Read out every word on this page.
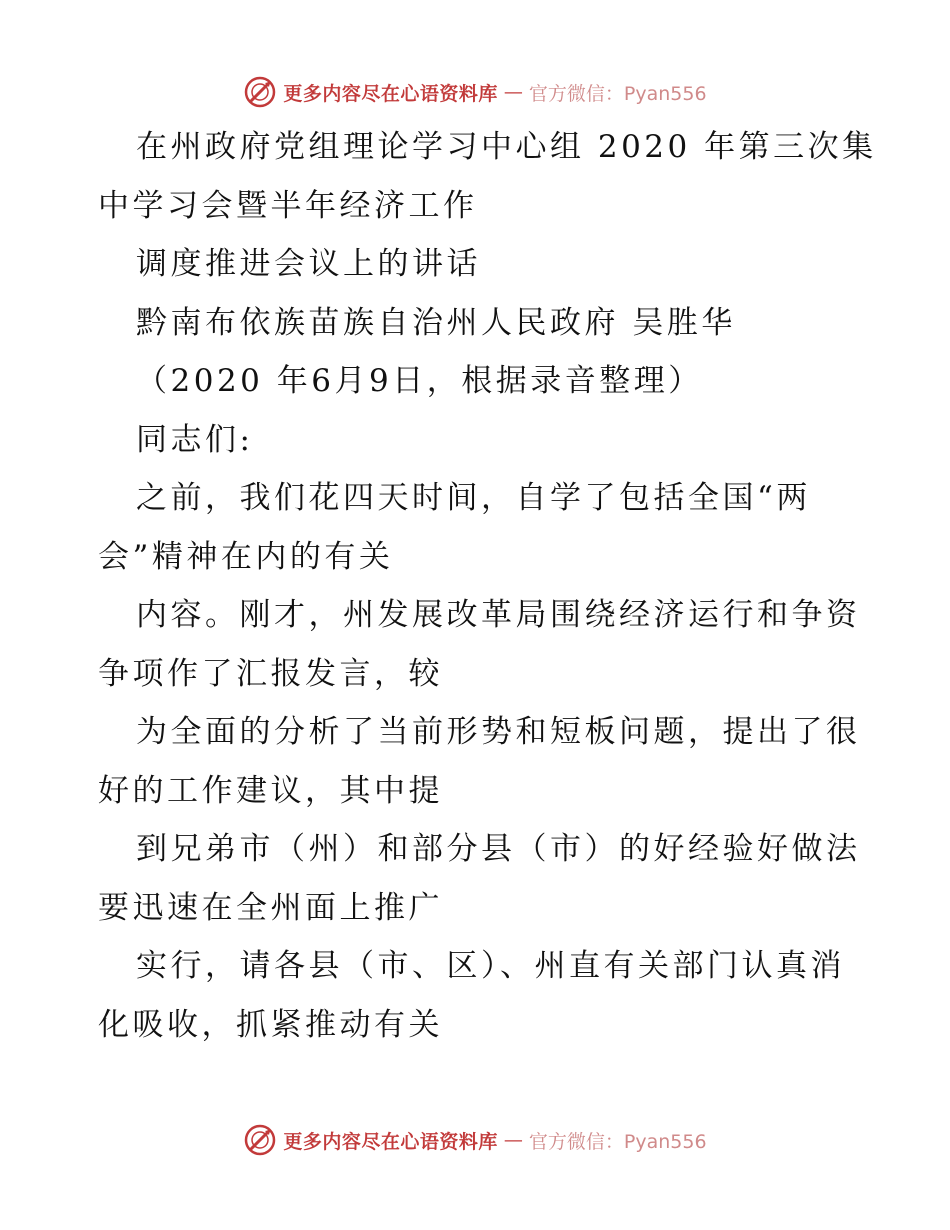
更多内容尽在心语资料库 — 官方微信：Pyan556
在州政府党组理论学习中心组 2020 年第三次集
中学习会暨半年经济工作
调度推进会议上的讲话
黔南布依族苗族自治州人民政府 吴胜华
（2020 年6月9日，根据录音整理）
同志们:
之前，我们花四天时间，自学了包括全国“两
会”精神在内的有关
内容。刚才，州发展改革局围绕经济运行和争资
争项作了汇报发言，较
为全面的分析了当前形势和短板问题，提出了很
好的工作建议，其中提
到兄弟市（州）和部分县（市）的好经验好做法
要迅速在全州面上推广
实行，请各县（市、区）、州直有关部门认真消
化吸收，抓紧推动有关
更多内容尽在心语资料库 — 官方微信：Pyan556
